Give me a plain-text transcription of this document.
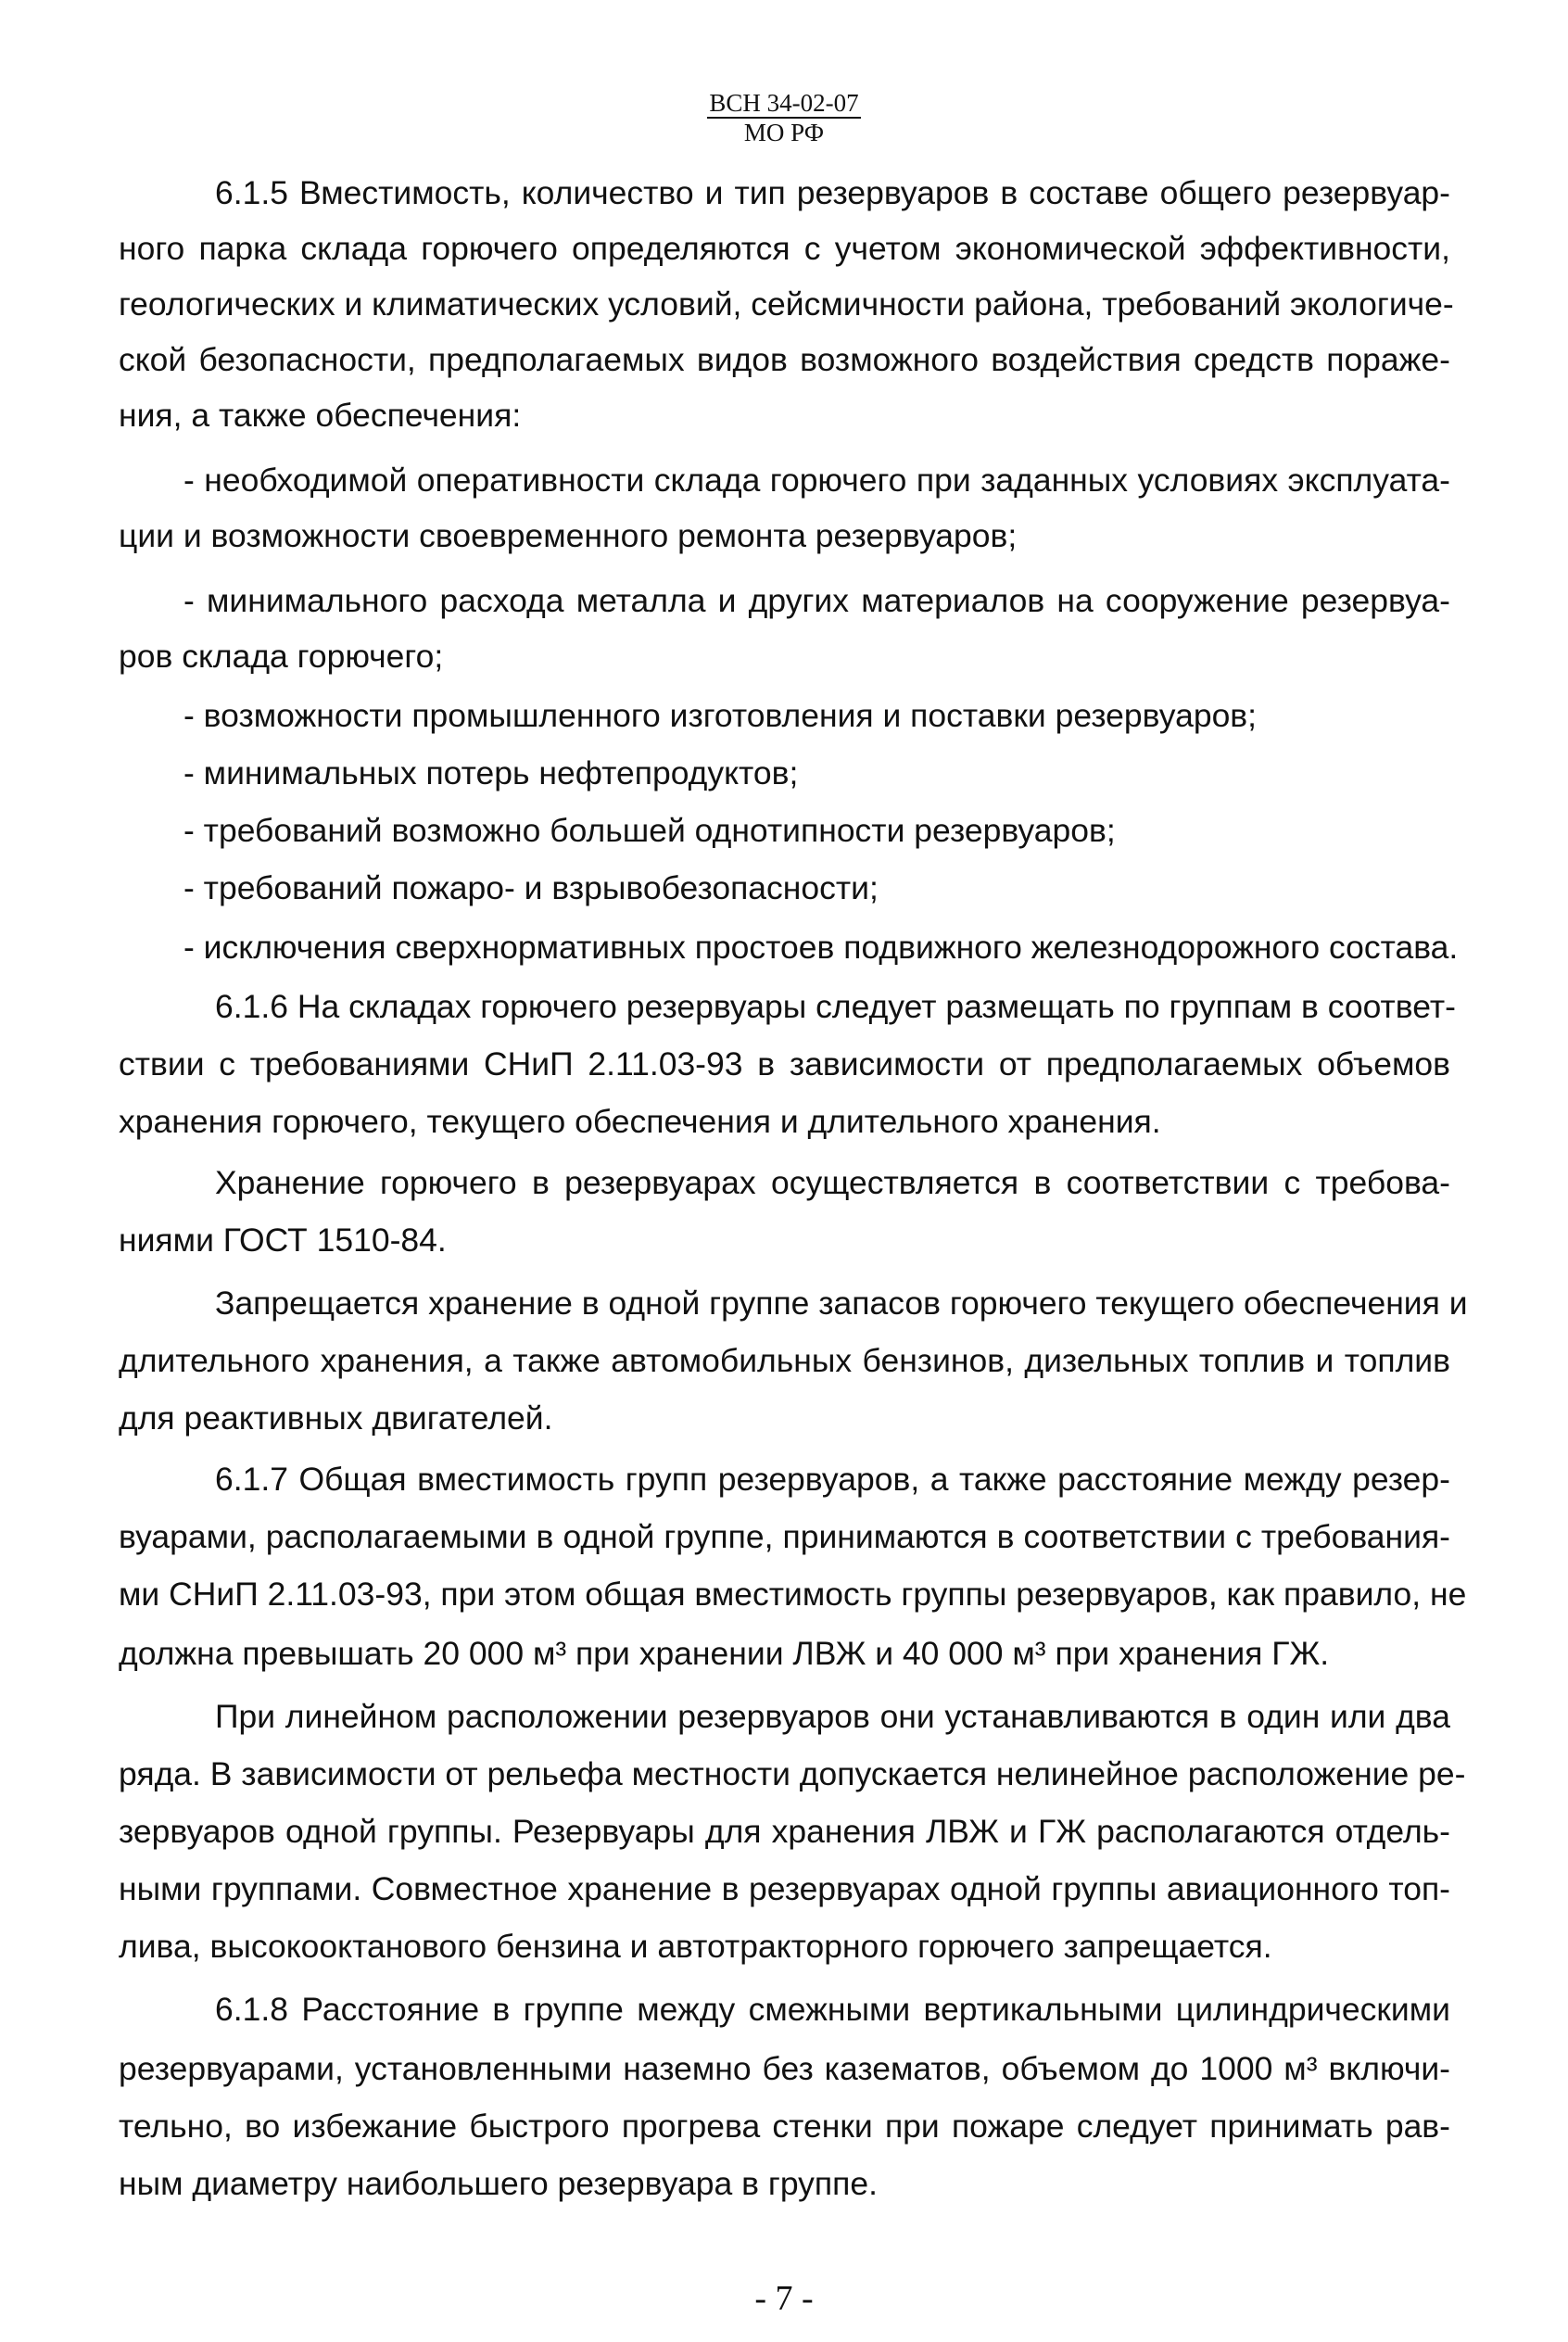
ВСН 34-02-07
МО РФ

6.1.5 Вместимость, количество и тип резервуаров в составе общего резервуар-

ного парка склада горючего определяются с учетом экономической эффективности,

геологических и климатических условий, сейсмичности района, требований экологиче-

ской безопасности, предполагаемых видов возможного воздействия средств пораже-

ния, а также обеспечения:

- необходимой оперативности склада горючего при заданных условиях эксплуата-

ции и возможности своевременного ремонта резервуаров;

- минимального расхода металла и других материалов на сооружение резервуа-

ров склада горючего;

- возможности промышленного изготовления и поставки резервуаров;

- минимальных потерь нефтепродуктов;

- требований возможно большей однотипности резервуаров;

- требований пожаро- и взрывобезопасности;

- исключения сверхнормативных простоев подвижного железнодорожного состава.

6.1.6 На складах горючего резервуары следует размещать по группам в соответ-

ствии с требованиями СНиП 2.11.03-93 в зависимости от предполагаемых объемов

хранения горючего, текущего обеспечения и длительного хранения.

Хранение горючего в резервуарах осуществляется в соответствии с требова-

ниями ГОСТ 1510-84.

Запрещается хранение в одной группе запасов горючего текущего обеспечения и

длительного хранения, а также автомобильных бензинов, дизельных топлив и топлив

для реактивных двигателей.

6.1.7 Общая вместимость групп резервуаров, а также расстояние между резер-

вуарами, располагаемыми в одной группе, принимаются в соответствии с требования-

ми СНиП 2.11.03-93, при этом общая вместимость группы резервуаров, как правило, не

должна превышать 20 000 м³ при хранении ЛВЖ и 40 000 м³ при хранения ГЖ.

При линейном расположении резервуаров они устанавливаются в один или два

ряда. В зависимости от рельефа местности допускается нелинейное расположение ре-

зервуаров одной группы. Резервуары для хранения ЛВЖ и ГЖ располагаются отдель-

ными группами. Совместное хранение в резервуарах одной группы авиационного топ-

лива, высокооктанового бензина и автотракторного горючего запрещается.

6.1.8 Расстояние в группе между смежными вертикальными цилиндрическими

резервуарами, установленными наземно без казематов, объемом до 1000 м³ включи-

тельно, во избежание быстрого прогрева стенки при пожаре следует принимать рав-

ным диаметру наибольшего резервуара в группе.

- 7 -
